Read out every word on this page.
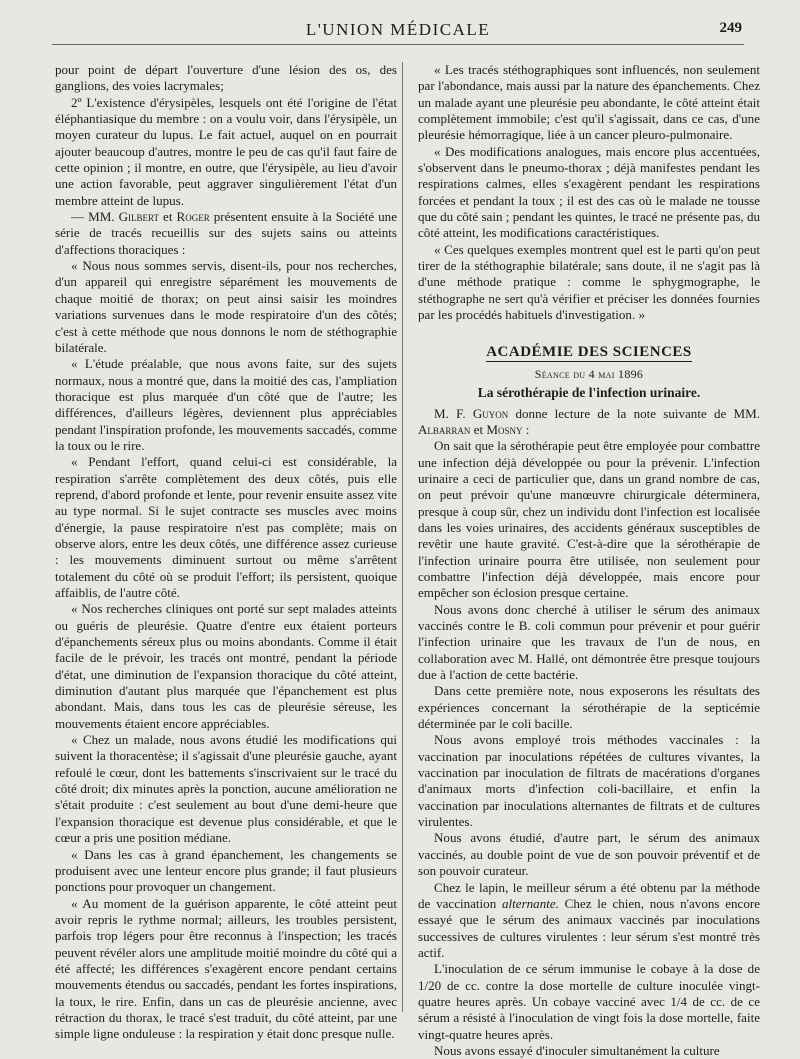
L'UNION MÉDICALE	249

pour point de départ l'ouverture d'une lésion des os, des ganglions, des voies lacrymales;

2º L'existence d'érysipèles, lesquels ont été l'origine de l'état éléphantiasique du membre : on a voulu voir, dans l'érysipèle, un moyen curateur du lupus. Le fait actuel, auquel on en pourrait ajouter beaucoup d'autres, montre le peu de cas qu'il faut faire de cette opinion ; il montre, en outre, que l'érysipèle, au lieu d'avoir une action favorable, peut aggraver singulièrement l'état d'un membre atteint de lupus.

— MM. Gilbert et Roger présentent ensuite à la Société une série de tracés recueillis sur des sujets sains ou atteints d'affections thoraciques :

« Nous nous sommes servis, disent-ils, pour nos recherches, d'un appareil qui enregistre séparément les mouvements de chaque moitié de thorax; on peut ainsi saisir les moindres variations survenues dans le mode respiratoire d'un des côtés; c'est à cette méthode que nous donnons le nom de stéthographie bilatérale.

« L'étude préalable, que nous avons faite, sur des sujets normaux, nous a montré que, dans la moitié des cas, l'ampliation thoracique est plus marquée d'un côté que de l'autre; les différences, d'ailleurs légères, deviennent plus appréciables pendant l'inspiration profonde, les mouvements saccadés, comme la toux ou le rire.

« Pendant l'effort, quand celui-ci est considérable, la respiration s'arrête complètement des deux côtés, puis elle reprend, d'abord profonde et lente, pour revenir ensuite assez vite au type normal. Si le sujet contracte ses muscles avec moins d'énergie, la pause respiratoire n'est pas complète; mais on observe alors, entre les deux côtés, une différence assez curieuse : les mouvements diminuent surtout ou même s'arrêtent totalement du côté où se produit l'effort; ils persistent, quoique affaiblis, de l'autre côté.

« Nos recherches cliniques ont porté sur sept malades atteints ou guéris de pleurésie. Quatre d'entre eux étaient porteurs d'épanchements séreux plus ou moins abondants. Comme il était facile de le prévoir, les tracés ont montré, pendant la période d'état, une diminution de l'expansion thoracique du côté atteint, diminution d'autant plus marquée que l'épanchement est plus abondant. Mais, dans tous les cas de pleurésie séreuse, les mouvements étaient encore appréciables.

« Chez un malade, nous avons étudié les modifications qui suivent la thoracentèse; il s'agissait d'une pleurésie gauche, ayant refoulé le cœur, dont les battements s'inscrivaient sur le tracé du côté droit; dix minutes après la ponction, aucune amélioration ne s'était produite : c'est seulement au bout d'une demi-heure que l'expansion thoracique est devenue plus considérable, et que le cœur a pris une position médiane.

« Dans les cas à grand épanchement, les changements se produisent avec une lenteur encore plus grande; il faut plusieurs ponctions pour provoquer un changement.

« Au moment de la guérison apparente, le côté atteint peut avoir repris le rythme normal; ailleurs, les troubles persistent, parfois trop légers pour être reconnus à l'inspection; les tracés peuvent révéler alors une amplitude moitié moindre du côté qui a été affecté; les différences s'exagèrent encore pendant certains mouvements étendus ou saccadés, pendant les fortes inspirations, la toux, le rire. Enfin, dans un cas de pleurésie ancienne, avec rétraction du thorax, le tracé s'est traduit, du côté atteint, par une simple ligne onduleuse : la respiration y était donc presque nulle.

« Les tracés stéthographiques sont influencés, non seulement par l'abondance, mais aussi par la nature des épanchements. Chez un malade ayant une pleurésie peu abondante, le côté atteint était complètement immobile; c'est qu'il s'agissait, dans ce cas, d'une pleurésie hémorragique, liée à un cancer pleuro-pulmonaire.

« Des modifications analogues, mais encore plus accentuées, s'observent dans le pneumo-thorax ; déjà manifestes pendant les respirations calmes, elles s'exagèrent pendant les respirations forcées et pendant la toux ; il est des cas où le malade ne tousse que du côté sain ; pendant les quintes, le tracé ne présente pas, du côté atteint, les modifications caractéristiques.

« Ces quelques exemples montrent quel est le parti qu'on peut tirer de la stéthographie bilatérale; sans doute, il ne s'agit pas là d'une méthode pratique : comme le sphygmographe, le stéthographe ne sert qu'à vérifier et préciser les données fournies par les procédés habituels d'investigation. »

ACADÉMIE DES SCIENCES
Séance du 4 mai 1896
La sérothérapie de l'infection urinaire.

M. F. Guyon donne lecture de la note suivante de MM. Albarran et Mosny :

On sait que la sérothérapie peut être employée pour combattre une infection déjà développée ou pour la prévenir. L'infection urinaire a ceci de particulier que, dans un grand nombre de cas, on peut prévoir qu'une manœuvre chirurgicale déterminera, presque à coup sûr, chez un individu dont l'infection est localisée dans les voies urinaires, des accidents généraux susceptibles de revêtir une haute gravité. C'est-à-dire que la sérothérapie de l'infection urinaire pourra être utilisée, non seulement pour combattre l'infection déjà développée, mais encore pour empêcher son éclosion presque certaine.

Nous avons donc cherché à utiliser le sérum des animaux vaccinés contre le B. coli commun pour prévenir et pour guérir l'infection urinaire que les travaux de l'un de nous, en collaboration avec M. Hallé, ont démontrée être presque toujours due à l'action de cette bactérie.

Dans cette première note, nous exposerons les résultats des expériences concernant la sérothérapie de la septicémie déterminée par le coli bacille.

Nous avons employé trois méthodes vaccinales : la vaccination par inoculations répétées de cultures vivantes, la vaccination par inoculation de filtrats de macérations d'organes d'animaux morts d'infection coli-bacillaire, et enfin la vaccination par inoculations alternantes de filtrats et de cultures virulentes.

Nous avons étudié, d'autre part, le sérum des animaux vaccinés, au double point de vue de son pouvoir préventif et de son pouvoir curateur.

Chez le lapin, le meilleur sérum a été obtenu par la méthode de vaccination alternante. Chez le chien, nous n'avons encore essayé que le sérum des animaux vaccinés par inoculations successives de cultures virulentes : leur sérum s'est montré très actif.

L'inoculation de ce sérum immunise le cobaye à la dose de 1/20 de cc. contre la dose mortelle de culture inoculée vingt-quatre heures après. Un cobaye vacciné avec 1/4 de cc. de ce sérum a résisté à l'inoculation de vingt fois la dose mortelle, faite vingt-quatre heures après.

Nous avons essayé d'inoculer simultanément la culture
